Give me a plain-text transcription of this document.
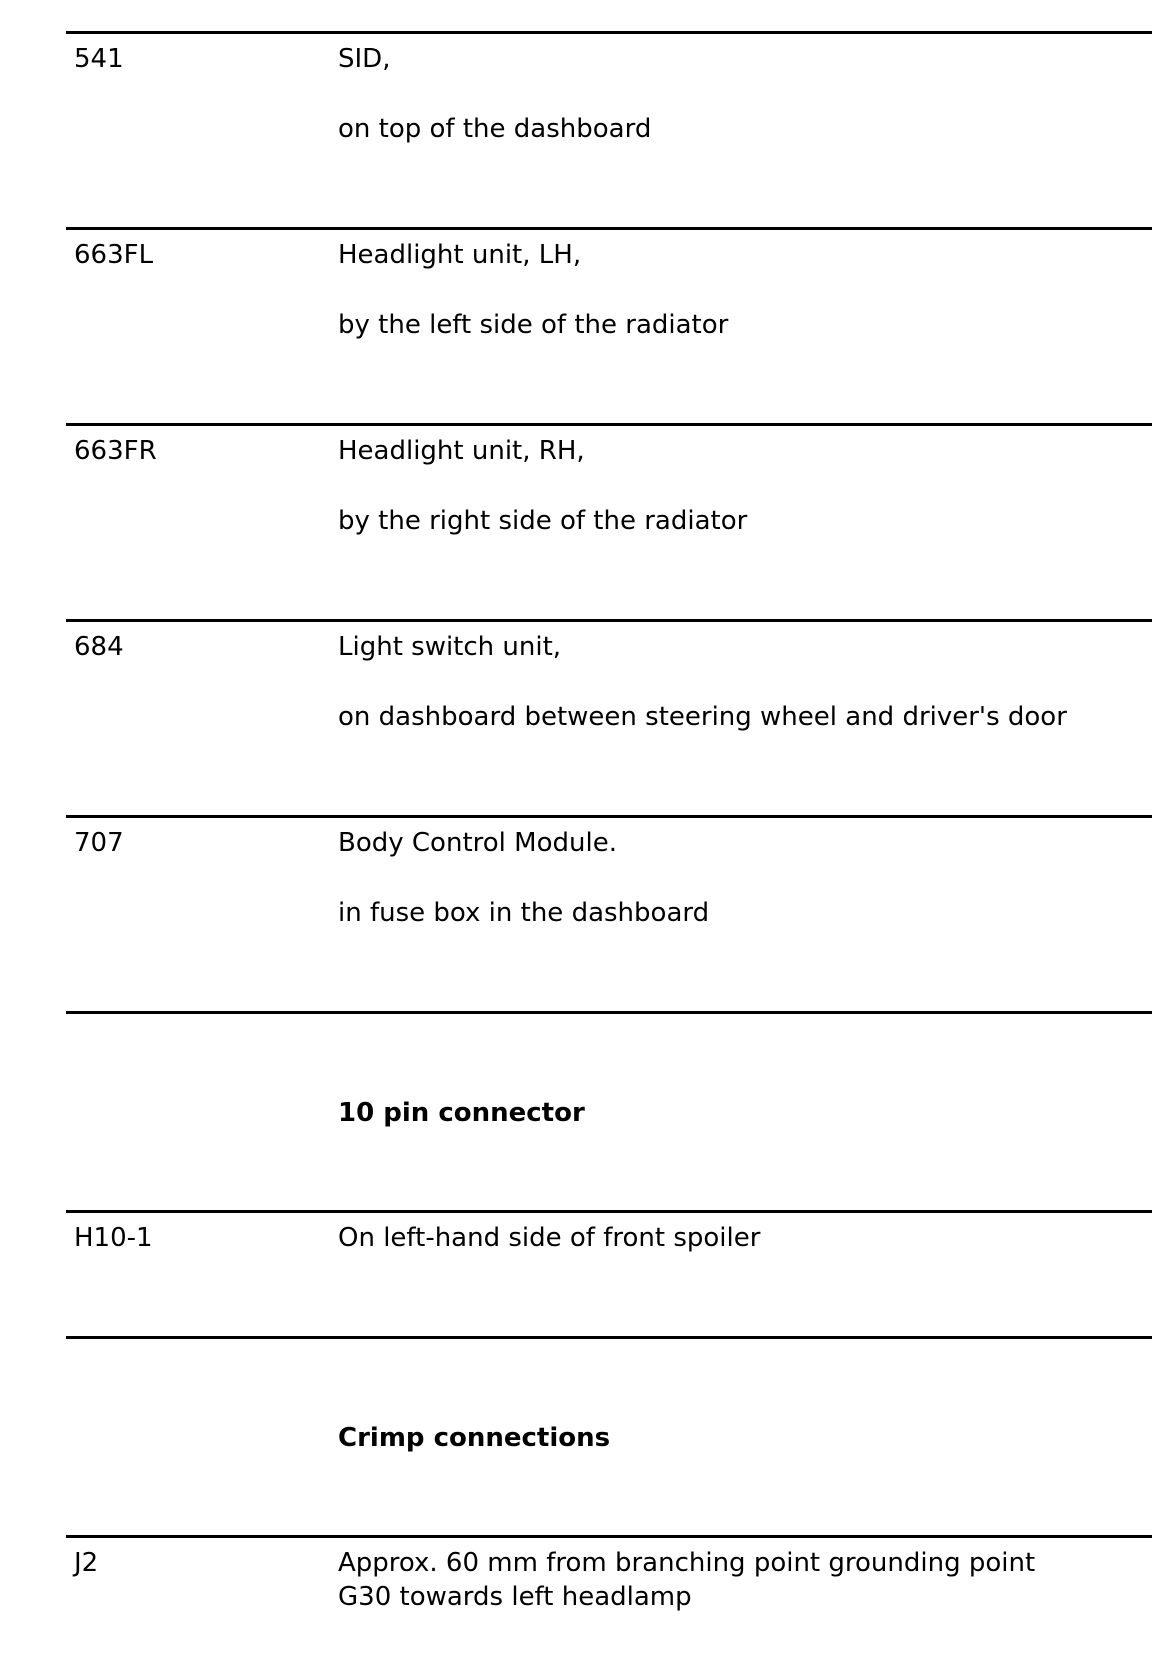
541	SID,
on top of the dashboard
663FL	Headlight unit, LH,
by the left side of the radiator
663FR	Headlight unit, RH,
by the right side of the radiator
684	Light switch unit,
on dashboard between steering wheel and driver's door
707	Body Control Module.
in fuse box in the dashboard
10 pin connector
H10-1	On left-hand side of front spoiler
Crimp connections
J2	Approx. 60 mm from branching point grounding point
G30 towards left headlamp
